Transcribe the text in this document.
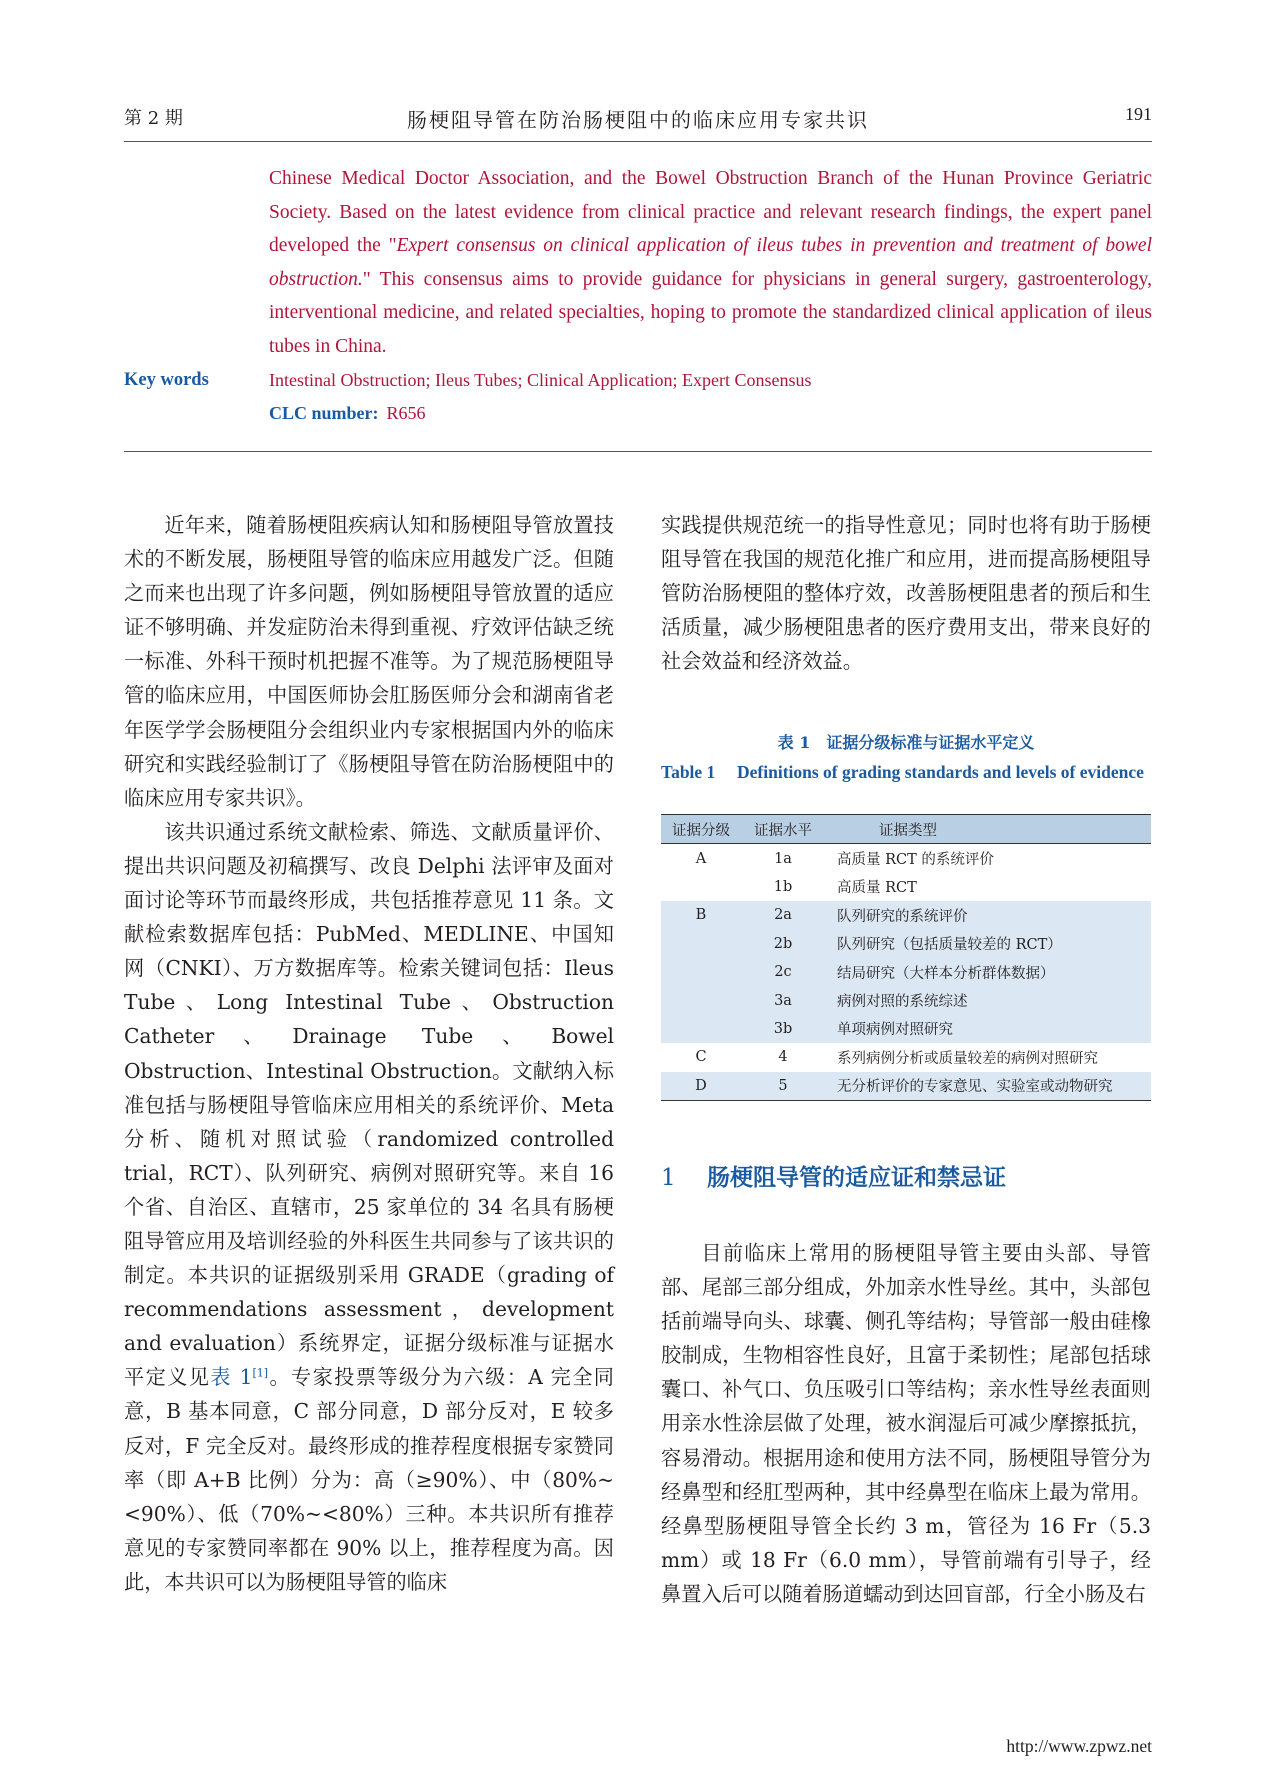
第 2 期	肠梗阻导管在防治肠梗阻中的临床应用专家共识	191

Chinese Medical Doctor Association, and the Bowel Obstruction Branch of the Hunan Province Geriatric Society. Based on the latest evidence from clinical practice and relevant research findings, the expert panel developed the "Expert consensus on clinical application of ileus tubes in prevention and treatment of bowel obstruction." This consensus aims to provide guidance for physicians in general surgery, gastroenterology, interventional medicine, and related specialties, hoping to promote the standardized clinical application of ileus tubes in China.

Key words	Intestinal Obstruction; Ileus Tubes; Clinical Application; Expert Consensus
CLC number: R656

近年来，随着肠梗阻疾病认知和肠梗阻导管放置技术的不断发展，肠梗阻导管的临床应用越发广泛。但随之而来也出现了许多问题，例如肠梗阻导管放置的适应证不够明确、并发症防治未得到重视、疗效评估缺乏统一标准、外科干预时机把握不准等。为了规范肠梗阻导管的临床应用，中国医师协会肛肠医师分会和湖南省老年医学学会肠梗阻分会组织业内专家根据国内外的临床研究和实践经验制订了《肠梗阻导管在防治肠梗阻中的临床应用专家共识》。

该共识通过系统文献检索、筛选、文献质量评价、提出共识问题及初稿撰写、改良 Delphi 法评审及面对面讨论等环节而最终形成，共包括推荐意见 11 条。文献检索数据库包括：PubMed、MEDLINE、中国知网（CNKI）、万方数据库等。检索关键词包括：Ileus Tube、Long Intestinal Tube、Obstruction Catheter、Drainage Tube、Bowel Obstruction、Intestinal Obstruction。文献纳入标准包括与肠梗阻导管临床应用相关的系统评价、Meta 分析、随机对照试验（randomized controlled trial，RCT）、队列研究、病例对照研究等。来自 16 个省、自治区、直辖市，25 家单位的 34 名具有肠梗阻导管应用及培训经验的外科医生共同参与了该共识的制定。本共识的证据级别采用 GRADE（grading of recommendations assessment，development and evaluation）系统界定，证据分级标准与证据水平定义见表 1[1]。专家投票等级分为六级：A 完全同意，B 基本同意，C 部分同意，D 部分反对，E 较多反对，F 完全反对。最终形成的推荐程度根据专家赞同率（即 A+B 比例）分为：高（≥90%）、中（80%~<90%）、低（70%~<80%）三种。本共识所有推荐意见的专家赞同率都在 90% 以上，推荐程度为高。因此，本共识可以为肠梗阻导管的临床

实践提供规范统一的指导性意见；同时也将有助于肠梗阻导管在我国的规范化推广和应用，进而提高肠梗阻导管防治肠梗阻的整体疗效，改善肠梗阻患者的预后和生活质量，减少肠梗阻患者的医疗费用支出，带来良好的社会效益和经济效益。

表 1　证据分级标准与证据水平定义
Table 1 Definitions of grading standards and levels of evidence
证据分级	证据水平	证据类型
A	1a	高质量 RCT 的系统评价
	1b	高质量 RCT
B	2a	队列研究的系统评价
	2b	队列研究（包括质量较差的 RCT）
	2c	结局研究（大样本分析群体数据）
	3a	病例对照的系统综述
	3b	单项病例对照研究
C	4	系列病例分析或质量较差的病例对照研究
D	5	无分析评价的专家意见、实验室或动物研究
1 肠梗阻导管的适应证和禁忌证

目前临床上常用的肠梗阻导管主要由头部、导管部、尾部三部分组成，外加亲水性导丝。其中，头部包括前端导向头、球囊、侧孔等结构；导管部一般由硅橡胶制成，生物相容性良好，且富于柔韧性；尾部包括球囊口、补气口、负压吸引口等结构；亲水性导丝表面则用亲水性涂层做了处理，被水润湿后可减少摩擦抵抗，容易滑动。根据用途和使用方法不同，肠梗阻导管分为经鼻型和经肛型两种，其中经鼻型在临床上最为常用。经鼻型肠梗阻导管全长约 3 m，管径为 16 Fr（5.3 mm）或 18 Fr（6.0 mm），导管前端有引导子，经鼻置入后可以随着肠道蠕动到达回盲部，行全小肠及右

http://www.zpwz.net
